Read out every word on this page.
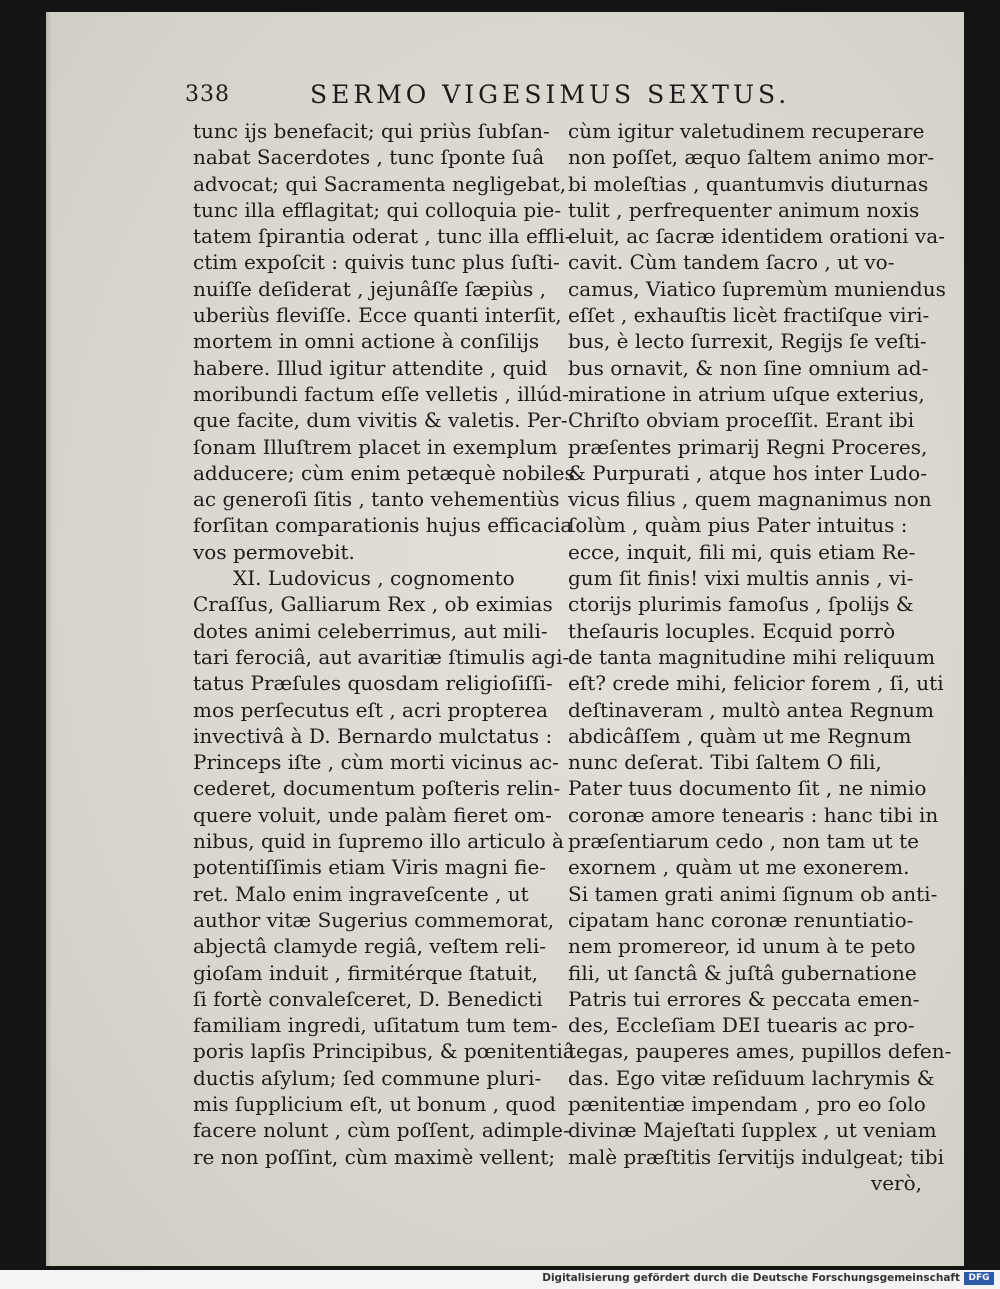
338	SERMO VIGESIMUS SEXTUS.
tunc ijs benefacit; qui priùs ſubſan-
nabat Sacerdotes , tunc ſponte ſuâ
advocat; qui Sacramenta negligebat,
tunc illa efflagitat; qui colloquia pie-
tatem ſpirantia oderat , tunc illa effli-
ctim expoſcit : quivis tunc plus ſuſti-
nuiſſe deſiderat , jejunâſſe ſæpiùs ,
uberiùs fleviſſe. Ecce quanti interſit,
mortem in omni actione à conſilijs
habere. Illud igitur attendite , quid
moribundi factum eſſe velletis , illúd-
que facite, dum vivitis & valetis. Per-
ſonam Illuſtrem placet in exemplum
adducere; cùm enim petæquè nobiles
ac generoſi ſitis , tanto vehementiùs
forſitan comparationis hujus efficacia
vos permovebit.
XI. Ludovicus , cognomento
Craſſus, Galliarum Rex , ob eximias
dotes animi celeberrimus, aut mili-
tari ferociâ, aut avaritiæ ſtimulis agi-
tatus Præſules quosdam religioſiſſi-
mos perſecutus eſt , acri propterea
invectivâ à D. Bernardo mulctatus :
Princeps iſte , cùm morti vicinus ac-
cederet, documentum poſteris relin-
quere voluit, unde palàm fieret om-
nibus, quid in ſupremo illo articulo à
potentiſſimis etiam Viris magni fie-
ret. Malo enim ingraveſcente , ut
author vitæ Sugerius commemorat,
abjectâ clamyde regiâ, veſtem reli-
gioſam induit , firmitérque ſtatuit,
ſi fortè convaleſceret, D. Benedicti
familiam ingredi, uſitatum tum tem-
poris lapſis Principibus, & pœnitentiâ
ductis aſylum; ſed commune pluri-
mis ſupplicium eſt, ut bonum , quod
facere nolunt , cùm poſſent, adimple-
re non poſſint, cùm maximè vellent;
cùm igitur valetudinem recuperare
non poſſet, æquo ſaltem animo mor-
bi moleſtias , quantumvis diuturnas
tulit , perfrequenter animum noxis
eluit, ac ſacræ identidem orationi va-
cavit. Cùm tandem ſacro , ut vo-
camus, Viatico ſupremùm muniendus
eſſet , exhauſtis licèt fractiſque viri-
bus, è lecto ſurrexit, Regijs ſe veſti-
bus ornavit, & non ſine omnium ad-
miratione in atrium uſque exterius,
Chriſto obviam proceſſit. Erant ibi
præſentes primarij Regni Proceres,
& Purpurati , atque hos inter Ludo-
vicus filius , quem magnanimus non
ſolùm , quàm pius Pater intuitus :
ecce, inquit, fili mi, quis etiam Re-
gum ſit finis! vixi multis annis , vi-
ctorijs plurimis famoſus , ſpolijs &
theſauris locuples. Ecquid porrò
de tanta magnitudine mihi reliquum
eſt? crede mihi, felicior forem , ſi, uti
deſtinaveram , multò antea Regnum
abdicâſſem , quàm ut me Regnum
nunc deſerat. Tibi ſaltem O fili,
Pater tuus documento ſit , ne nimio
coronæ amore tenearis : hanc tibi in
præſentiarum cedo , non tam ut te
exornem , quàm ut me exonerem.
Si tamen grati animi ſignum ob anti-
cipatam hanc coronæ renuntiatio-
nem promereor, id unum à te peto
fili, ut ſanctâ & juſtâ gubernatione
Patris tui errores & peccata emen-
des, Eccleſiam DEI tuearis ac pro-
tegas, pauperes ames, pupillos defen-
das. Ego vitæ reſiduum lachrymis &
pænitentiæ impendam , pro eo ſolo
divinæ Majeſtati ſupplex , ut veniam
malè præſtitis ſervitijs indulgeat; tibi
verò,
Digitalisierung gefördert durch die Deutsche Forschungsgemeinschaft DFG
